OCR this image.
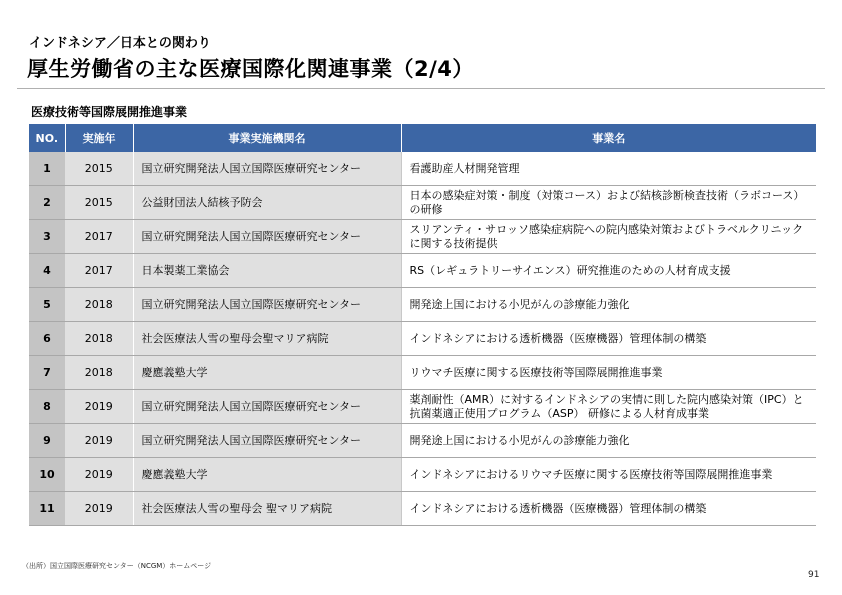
インドネシア／日本との関わり
厚生労働省の主な医療国際化関連事業（2/4）
医療技術等国際展開推進事業
NO.	実施年	事業実施機関名	事業名
1	2015	国立研究開発法人国立国際医療研究センター	看護助産人材開発管理
2	2015	公益財団法人結核予防会	日本の感染症対策・制度（対策コース）および結核診断検査技術（ラボコース）の研修
3	2017	国立研究開発法人国立国際医療研究センター	スリアンティ・サロッソ感染症病院への院内感染対策およびトラベルクリニックに関する技術提供
4	2017	日本製薬工業協会	RS（レギュラトリーサイエンス）研究推進のための人材育成支援
5	2018	国立研究開発法人国立国際医療研究センター	開発途上国における小児がんの診療能力強化
6	2018	社会医療法人雪の聖母会聖マリア病院	インドネシアにおける透析機器（医療機器）管理体制の構築
7	2018	慶應義塾大学	リウマチ医療に関する医療技術等国際展開推進事業
8	2019	国立研究開発法人国立国際医療研究センター	薬剤耐性（AMR）に対するインドネシアの実情に則した院内感染対策（IPC）と抗菌薬適正使用プログラム（ASP） 研修による人材育成事業
9	2019	国立研究開発法人国立国際医療研究センター	開発途上国における小児がんの診療能力強化
10	2019	慶應義塾大学	インドネシアにおけるリウマチ医療に関する医療技術等国際展開推進事業
11	2019	社会医療法人雪の聖母会 聖マリア病院	インドネシアにおける透析機器（医療機器）管理体制の構築
（出所）国立国際医療研究センター（NCGM）ホームページ
91
